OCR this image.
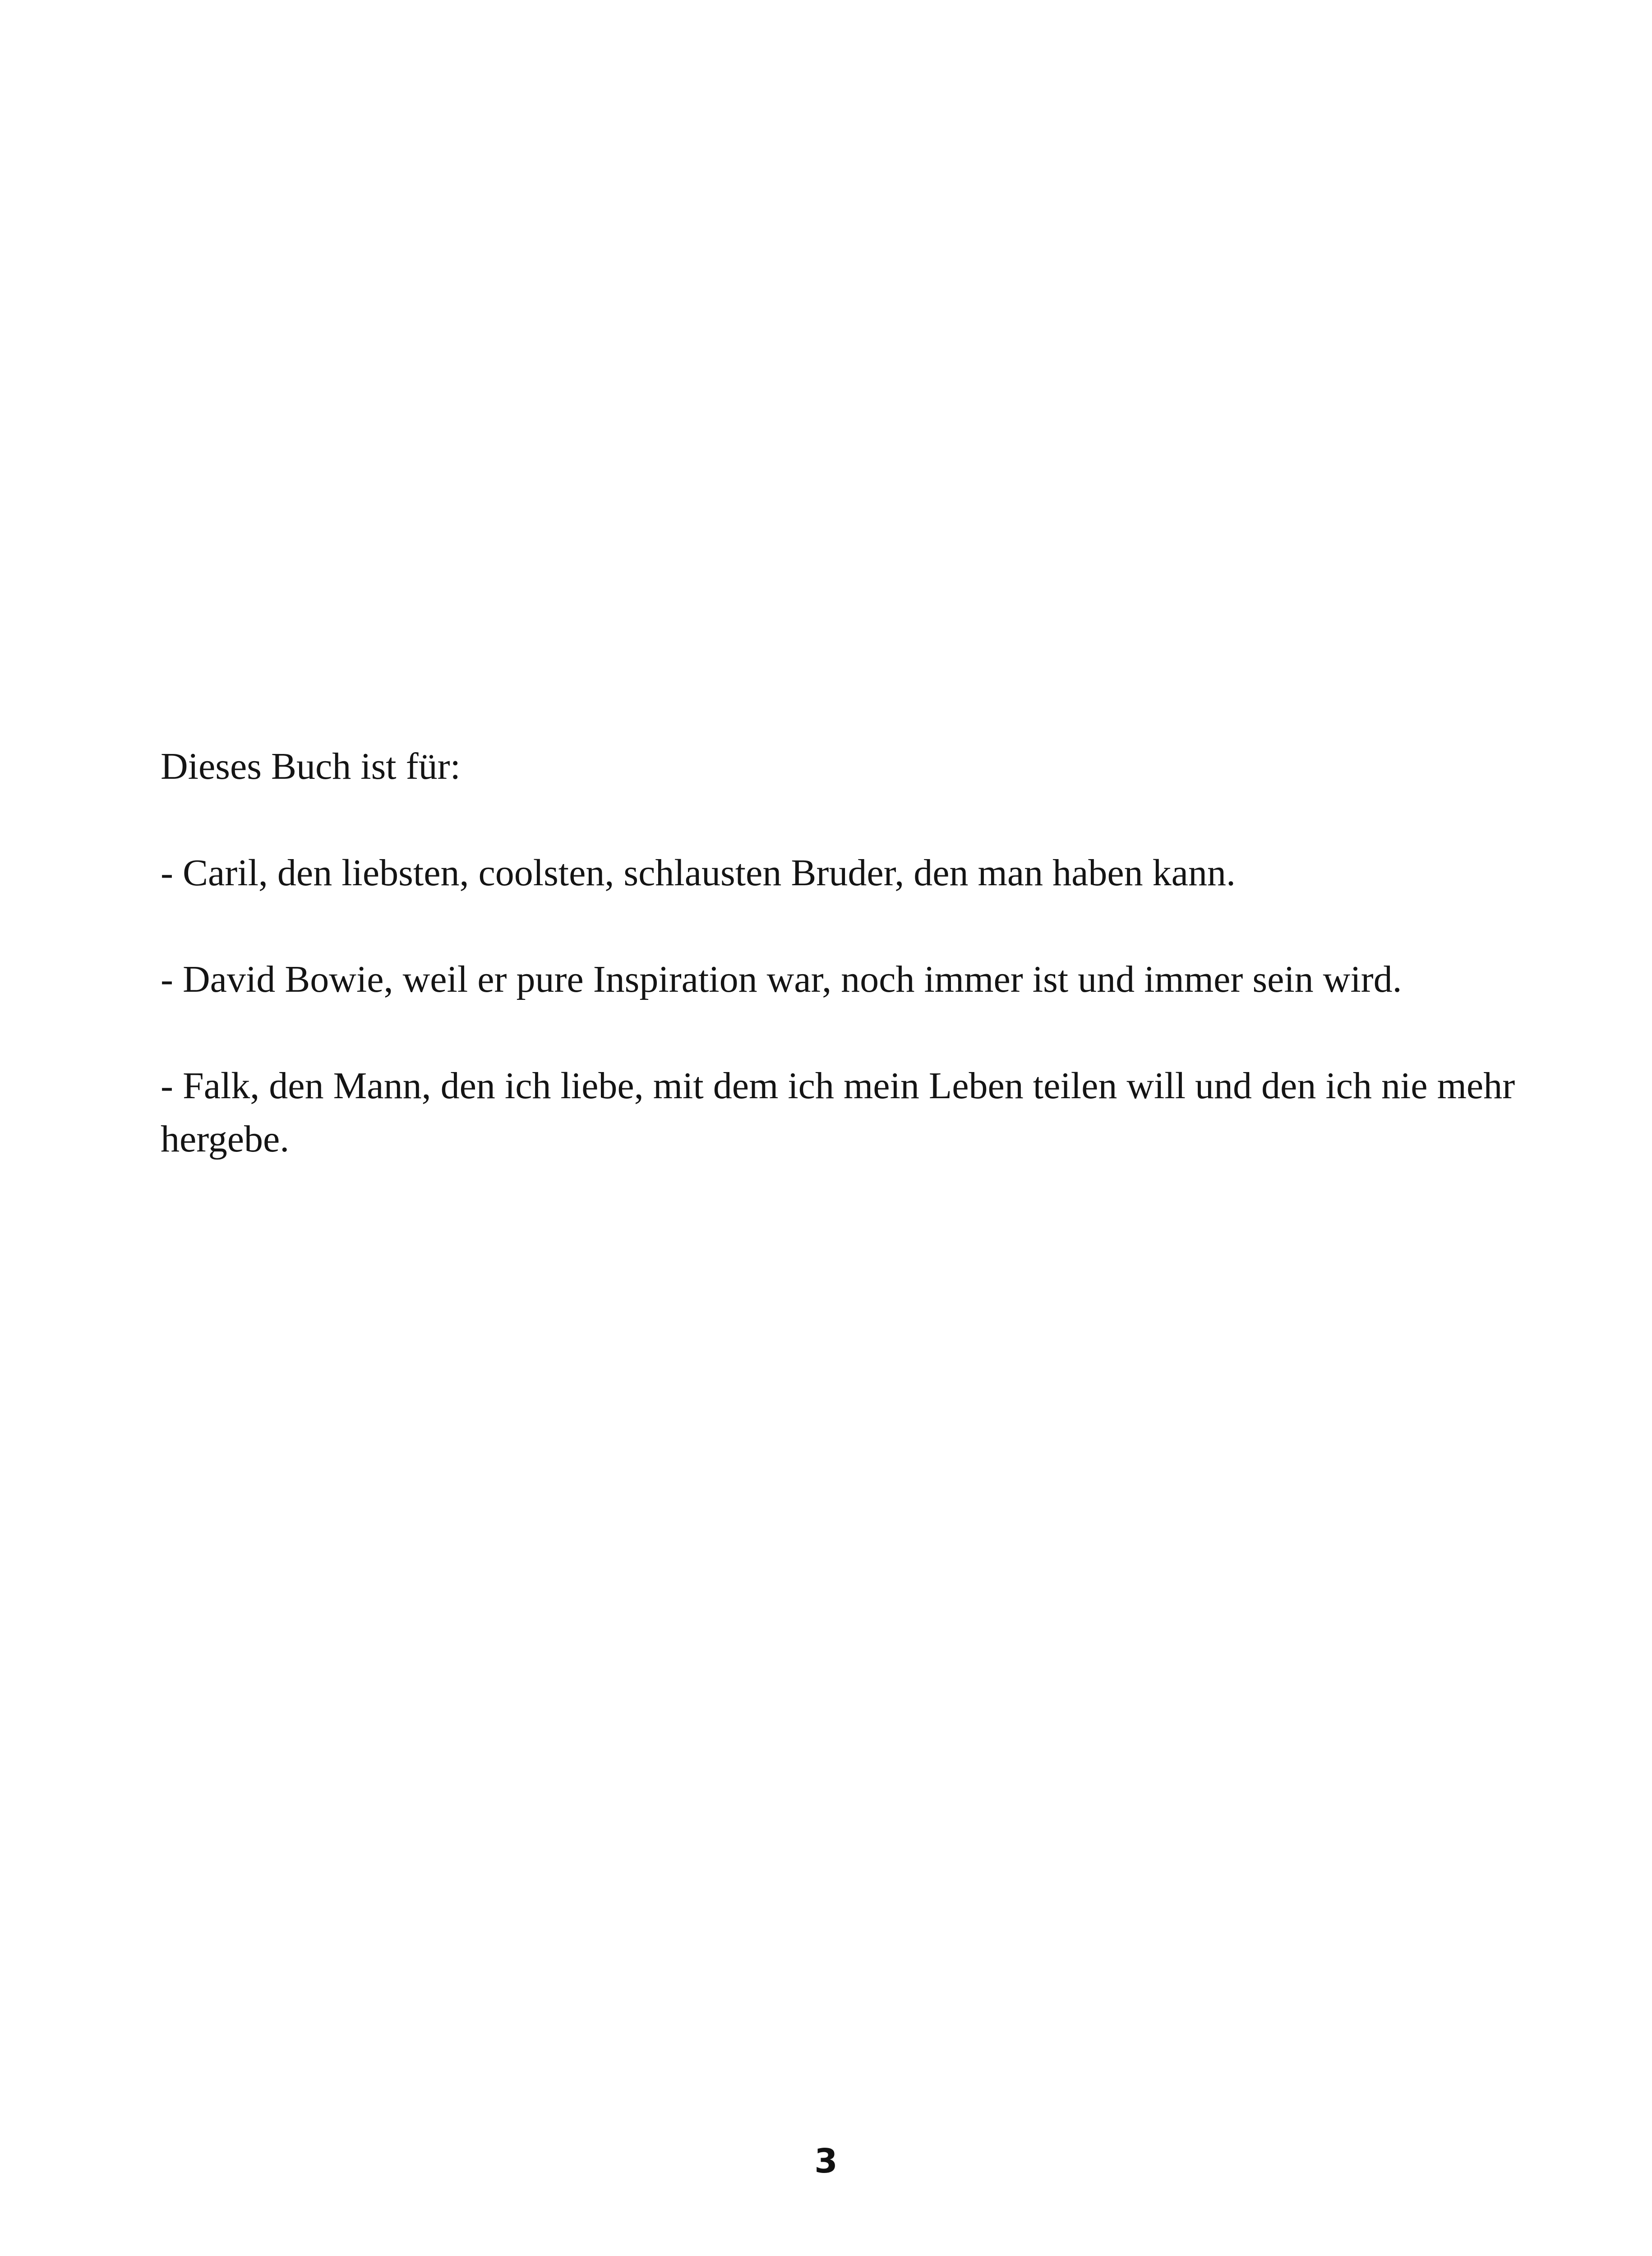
Dieses Buch ist für:

- Caril, den liebsten, coolsten, schlausten Bruder, den man haben kann.

- David Bowie, weil er pure Inspiration war, noch immer ist und immer sein wird.

- Falk, den Mann, den ich liebe, mit dem ich mein Leben teilen will und den ich nie mehr hergebe.

3
